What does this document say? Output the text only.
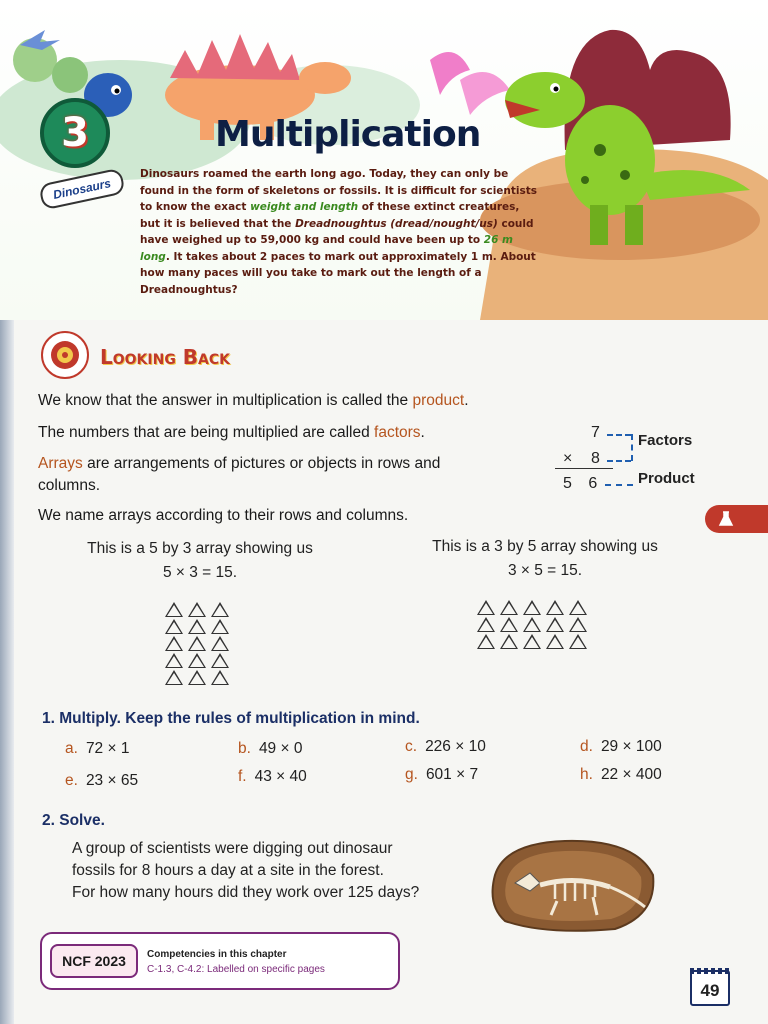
3
Dinosaurs
Multiplication

Dinosaurs roamed the earth long ago. Today, they can only be found in the form of skeletons or fossils. It is difficult for scientists to know the exact weight and length of these extinct creatures, but it is believed that the Dreadnoughtus (dread/nought/us) could have weighed up to 59,000 kg and could have been up to 26 m long. It takes about 2 paces to mark out approximately 1 m. About how many paces will you take to mark out the length of a Dreadnoughtus?

Looking Back

We know that the answer in multiplication is called the product.

The numbers that are being multiplied are called factors.

Arrays are arrangements of pictures or objects in rows and
columns.

We name arrays according to their rows and columns.

7
× 8
5 6
Factors
Product
This is a 5 by 3 array showing us
5 × 3 = 15.
This is a 3 by 5 array showing us
3 × 5 = 15.
1. Multiply. Keep the rules of multiplication in mind.
a. 72 × 1	b. 49 × 0	c. 226 × 10	d. 29 × 100
e. 23 × 65	f. 43 × 40	g. 601 × 7	h. 22 × 400
2. Solve.
A group of scientists were digging out dinosaur
fossils for 8 hours a day at a site in the forest.
For how many hours did they work over 125 days?
NCF 2023	Competencies in this chapter
C-1.3, C-4.2: Labelled on specific pages
49
